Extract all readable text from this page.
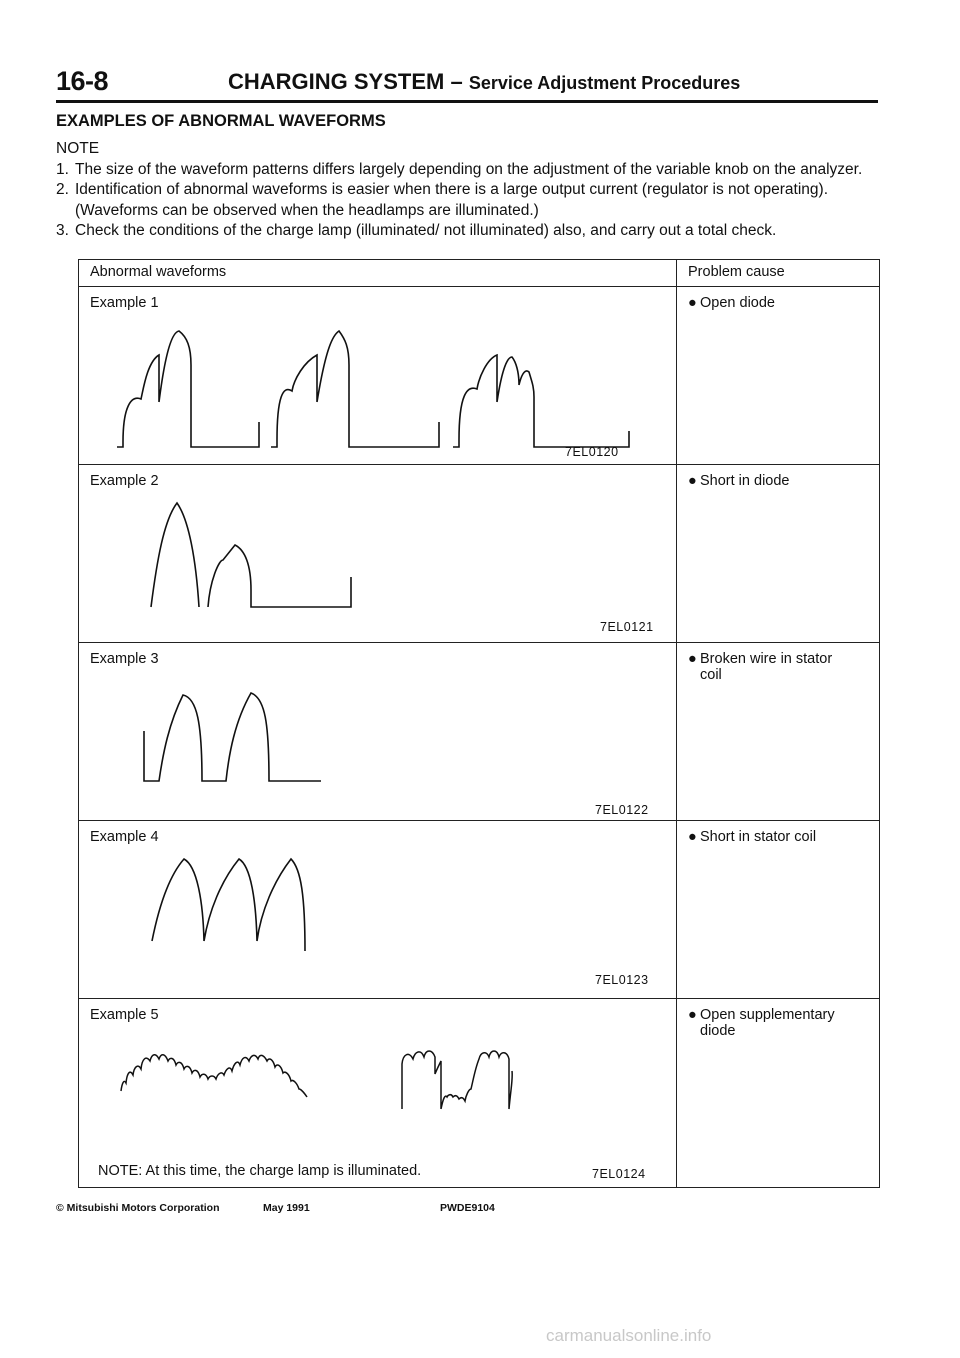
16-8	CHARGING SYSTEM – Service Adjustment Procedures
EXAMPLES OF ABNORMAL WAVEFORMS
NOTE
1. The size of the waveform patterns differs largely depending on the adjustment of the variable knob on the analyzer.
2. Identification of abnormal waveforms is easier when there is a large output current (regulator is not operating). (Waveforms can be observed when the headlamps are illuminated.)
3. Check the conditions of the charge lamp (illuminated/ not illuminated) also, and carry out a total check.
Abnormal waveforms	Problem cause

Example 1
7EL0120	● Open diode

Example 2
7EL0121	● Short in diode

Example 3
7EL0122	● Broken wire in stator
coil

Example 4
7EL0123	● Short in stator coil

Example 5
NOTE: At this time, the charge lamp is illuminated. 7EL0124	● Open supplementary
diode
© Mitsubishi Motors Corporation	May 1991	PWDE9104
carmanualsonline.info
